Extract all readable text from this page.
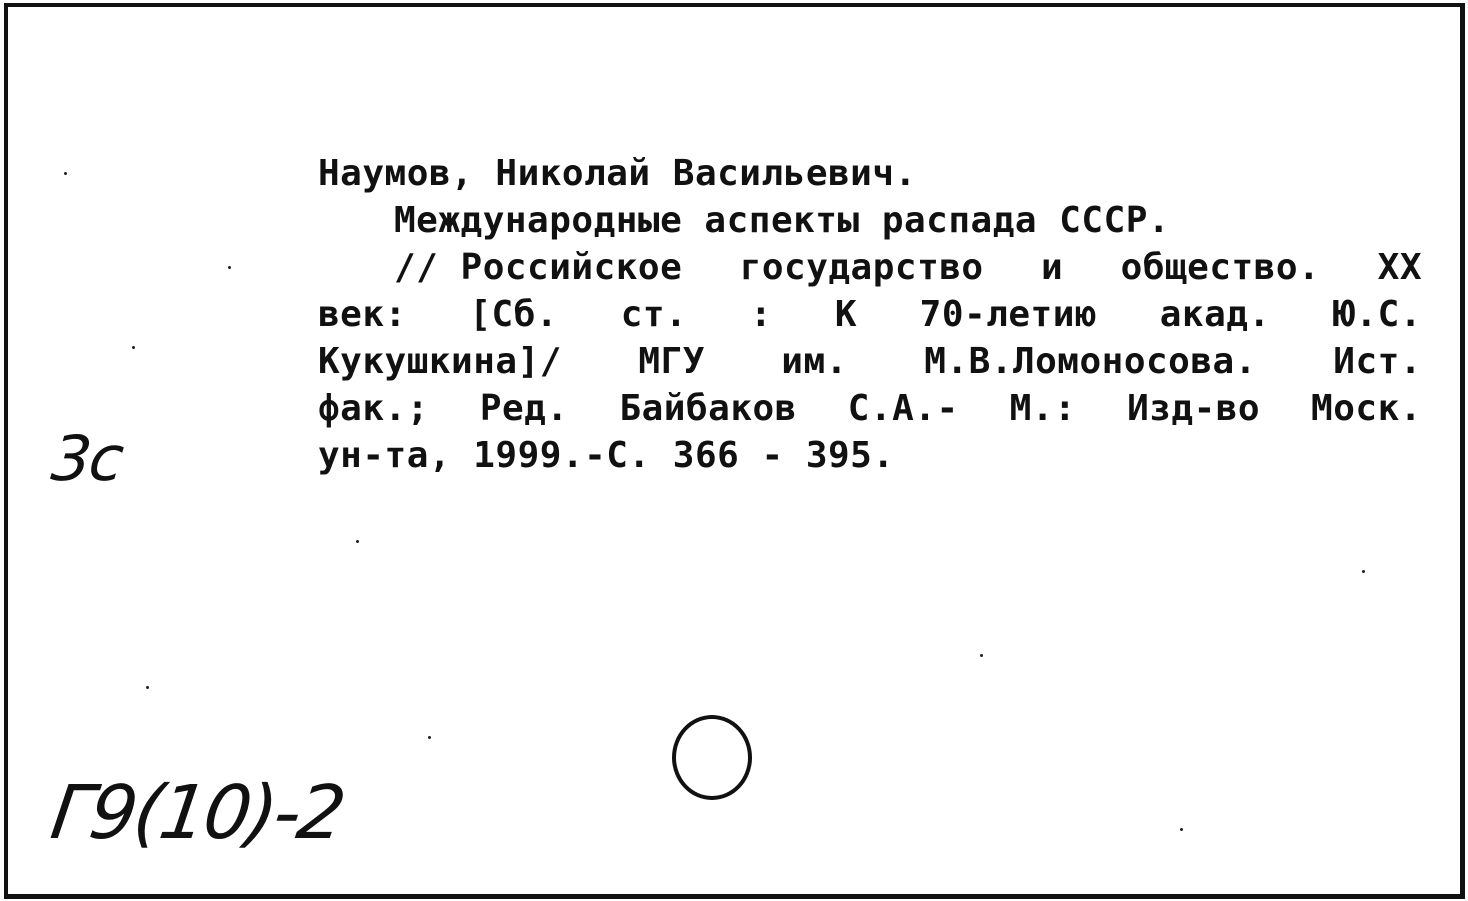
Наумов, Николай Васильевич.
Международные аспекты распада СССР.
// Российское государство и общество. XX
век: [Сб. ст. : К 70-летию акад. Ю.С.
Кукушкина]/ МГУ им. М.В.Ломоносова. Ист.
фак.; Ред. Байбаков С.А.- М.: Изд-во Моск.
ун-та, 1999.-С. 366 - 395.
3с
Г9(10)-2
